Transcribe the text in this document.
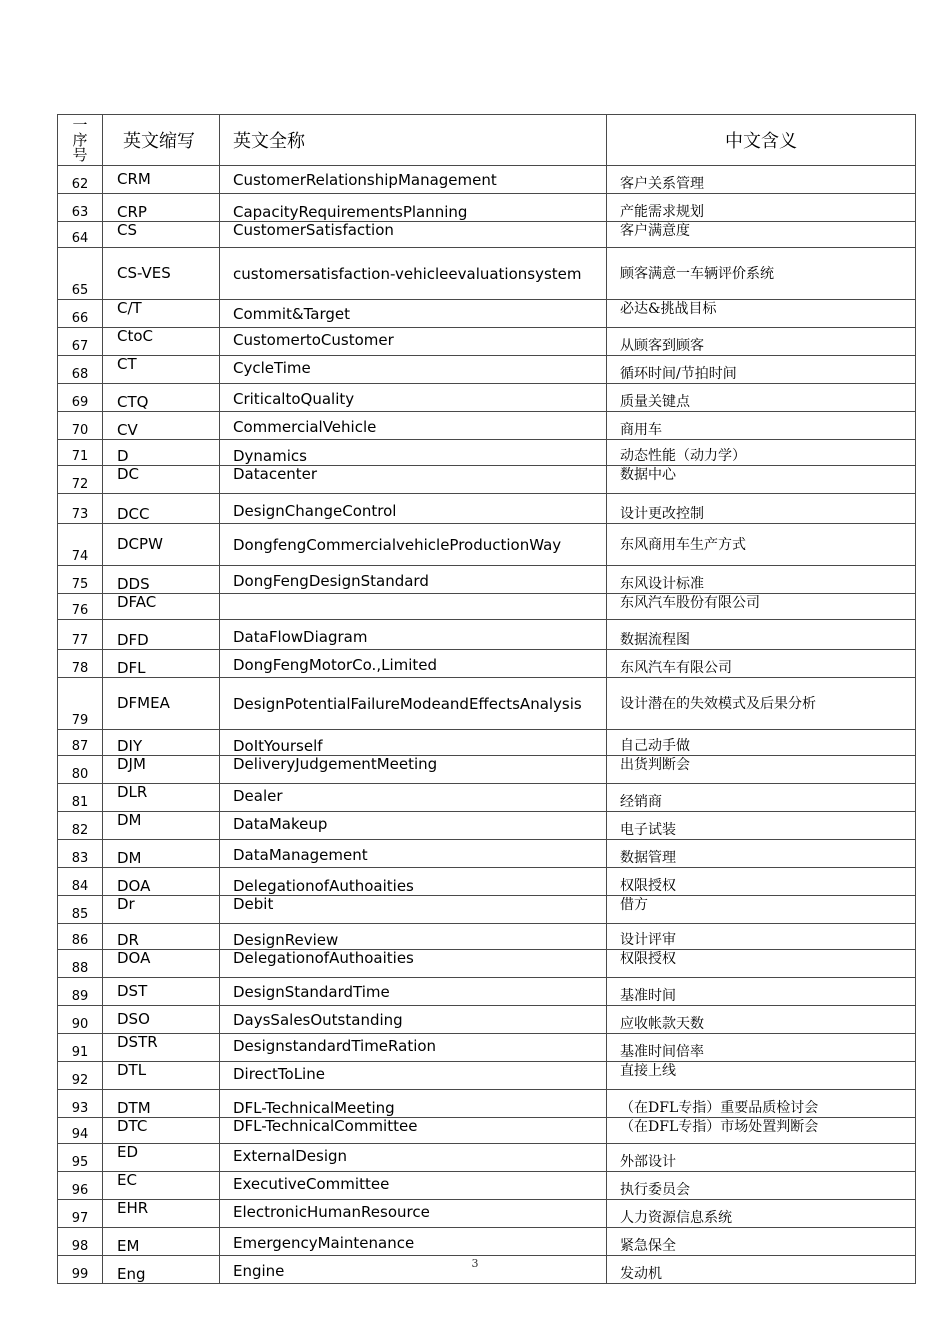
一
序
号	英文缩写	英文全称	中文含义
62	CRM	CustomerRelationshipManagement	客户关系管理
63	CRP	CapacityRequirementsPlanning	产能需求规划
64	CS	CustomerSatisfaction	客户满意度
65	CS-VES	customersatisfaction-vehicleevaluationsystem	顾客满意一车辆评价系统
66	C/T	Commit&Target	必达&挑战目标
67	CtoC	CustomertoCustomer	从顾客到顾客
68	CT	CycleTime	循环时间/节拍时间
69	CTQ	CriticaltoQuality	质量关键点
70	CV	CommercialVehicle	商用车
71	D	Dynamics	动态性能（动力学）
72	DC	Datacenter	数据中心
73	DCC	DesignChangeControl	设计更改控制
74	DCPW	DongfengCommercialvehicleProductionWay	东风商用车生产方式
75	DDS	DongFengDesignStandard	东风设计标准
76	DFAC		东风汽车股份有限公司
77	DFD	DataFlowDiagram	数据流程图
78	DFL	DongFengMotorCo.,Limited	东风汽车有限公司
79	DFMEA	DesignPotentialFailureModeandEffectsAnalysis	设计潜在的失效模式及后果分析
87	DIY	DoItYourself	自己动手做
80	DJM	DeliveryJudgementMeeting	出货判断会
81	DLR	Dealer	经销商
82	DM	DataMakeup	电子试装
83	DM	DataManagement	数据管理
84	DOA	DelegationofAuthoaities	权限授权
85	Dr	Debit	借方
86	DR	DesignReview	设计评审
88	DOA	DelegationofAuthoaities	权限授权
89	DST	DesignStandardTime	基准时间
90	DSO	DaysSalesOutstanding	应收帐款天数
91	DSTR	DesignstandardTimeRation	基准时间倍率
92	DTL	DirectToLine	直接上线
93	DTM	DFL-TechnicalMeeting	（在DFL专指）重要品质检讨会
94	DTC	DFL-TechnicalCommittee	（在DFL专指）市场处置判断会
95	ED	ExternalDesign	外部设计
96	EC	ExecutiveCommittee	执行委员会
97	EHR	ElectronicHumanResource	人力资源信息系统
98	EM	EmergencyMaintenance	紧急保全
99	Eng	Engine	发动机
3
